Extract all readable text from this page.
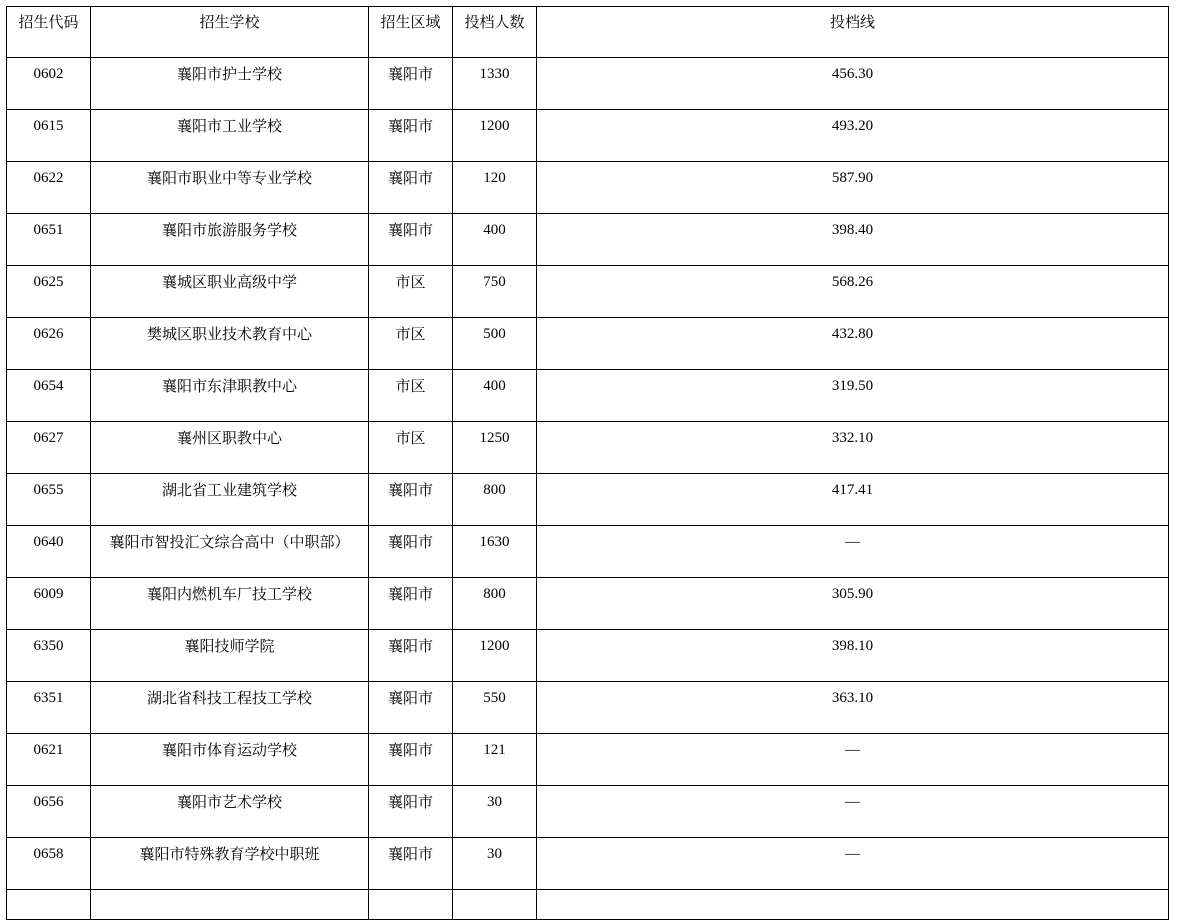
招生代码	招生学校	招生区域	投档人数	投档线
0602	襄阳市护士学校	襄阳市	1330	456.30
0615	襄阳市工业学校	襄阳市	1200	493.20
0622	襄阳市职业中等专业学校	襄阳市	120	587.90
0651	襄阳市旅游服务学校	襄阳市	400	398.40
0625	襄城区职业高级中学	市区	750	568.26
0626	樊城区职业技术教育中心	市区	500	432.80
0654	襄阳市东津职教中心	市区	400	319.50
0627	襄州区职教中心	市区	1250	332.10
0655	湖北省工业建筑学校	襄阳市	800	417.41
0640	襄阳市智投汇文综合高中（中职部）	襄阳市	1630	—
6009	襄阳内燃机车厂技工学校	襄阳市	800	305.90
6350	襄阳技师学院	襄阳市	1200	398.10
6351	湖北省科技工程技工学校	襄阳市	550	363.10
0621	襄阳市体育运动学校	襄阳市	121	—
0656	襄阳市艺术学校	襄阳市	30	—
0658	襄阳市特殊教育学校中职班	襄阳市	30	—
